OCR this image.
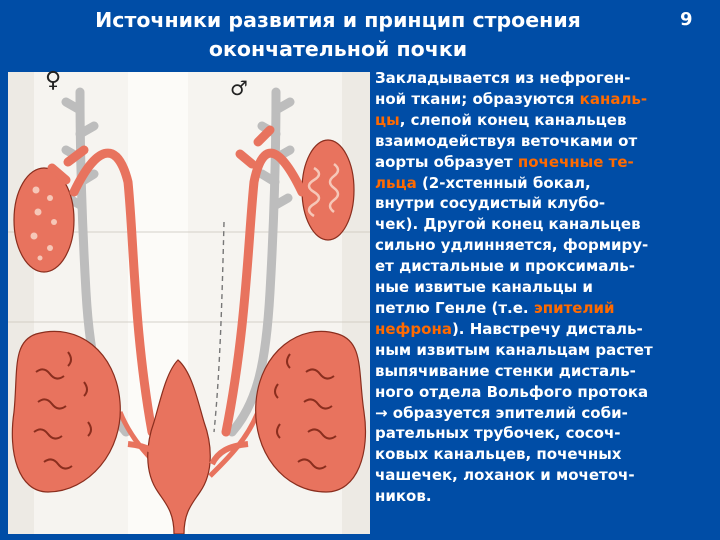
Источники развития и принцип строения
окончательной почки
9
♀	♂	Закладывается из нефроген-
ной ткани; образуются каналь-
цы, слепой конец канальцев
взаимодействуя веточками от
аорты образует почечные те-
льца (2-хстенный бокал,
внутри сосудистый клубо-
чек). Другой конец канальцев
сильно удлинняется, формиру-
ет дистальные и проксималь-
ные извитые канальцы и
петлю Генле (т.е. эпителий
нефрона). Навстречу дисталь-
ным извитым канальцам растет
выпячивание стенки дисталь-
ного отдела Вольфого протока
→ образуется эпителий соби-
рательных трубочек, сосоч-
ковых канальцев, почечных
чашечек, лоханок и мочеточ-
ников.
